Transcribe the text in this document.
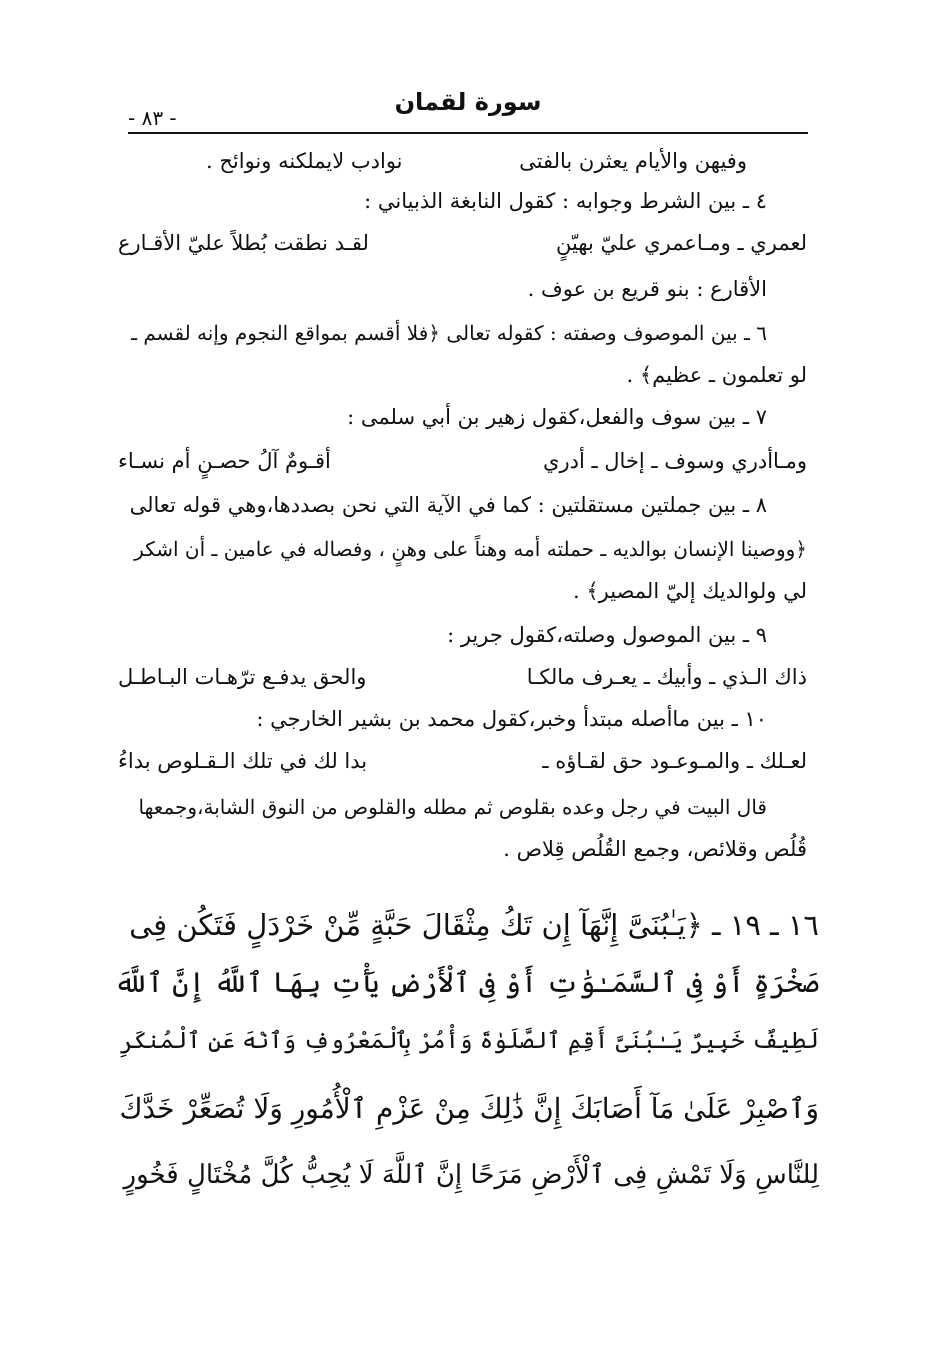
سورة لقمان
- ٨٣ -
وفيهن والأيام يعثرن بالفتى
نوادب لايملكنه ونوائح .
٤ ـ بين الشرط وجوابه : كقول النابغة الذبياني :
لعمري ـ ومـاعمري عليّ بهيّنٍ
لقـد نطقت بُطلاً عليّ الأقـارع
الأقارع : بنو قريع بن عوف .
٦ ـ بين الموصوف وصفته : كقوله تعالى ﴿فلا أقسم بمواقع النجوم وإنه لقسم ـ
لو تعلمون ـ عظيم﴾ .
٧ ـ بين سوف والفعل،كقول زهير بن أبي سلمى :
ومـاأدري وسوف ـ إخال ـ أدري
أقـومٌ آلُ حصـنٍ أم نسـاء
٨ ـ بين جملتين مستقلتين : كما في الآية التي نحن بصددها،وهي قوله تعالى
﴿ووصينا الإنسان بوالديه ـ حملته أمه وهناً على وهنٍ ، وفصاله في عامين ـ أن اشكر
لي ولوالديك إليّ المصير﴾ .
٩ ـ بين الموصول وصلته،كقول جرير :
ذاك الـذي ـ وأبيك ـ يعـرف مالكـا
والحق يدفـع ترّهـات البـاطـل
١٠ ـ بين ماأصله مبتدأ وخبر،كقول محمد بن بشير الخارجي :
لعـلك ـ والمـوعـود حق لقـاؤه ـ
بدا لك في تلك الـقـلوص بداءُ
قال البيت في رجل وعده بقلوص ثم مطله والقلوص من النوق الشابة،وجمعها
قُلُص وقلائص، وجمع القُلُص قِلاص .
١٦ ـ ١٩ ـ ﴿يَـٰبُنَىَّ إِنَّهَآ إِن تَكُ مِثْقَالَ حَبَّةٍ مِّنْ خَرْدَلٍ فَتَكُن فِى
صَخْرَةٍ أَوْ فِى ٱلسَّمَـٰوَٰتِ أَوْ فِى ٱلْأَرْضِ يَأْتِ بِهَا ٱللَّهُ إِنَّ ٱللَّهَ
لَطِيفٌ خَبِيرٌ يَـٰبُنَىَّ أَقِمِ ٱلصَّلَوٰةَ وَأْمُرْ بِٱلْمَعْرُوفِ وَٱنْهَ عَنِ ٱلْمُنكَرِ
وَٱصْبِرْ عَلَىٰ مَآ أَصَابَكَ إِنَّ ذَٰلِكَ مِنْ عَزْمِ ٱلْأُمُورِ وَلَا تُصَعِّرْ خَدَّكَ
لِلنَّاسِ وَلَا تَمْشِ فِى ٱلْأَرْضِ مَرَحًا إِنَّ ٱللَّهَ لَا يُحِبُّ كُلَّ مُخْتَالٍ فَخُورٍ
